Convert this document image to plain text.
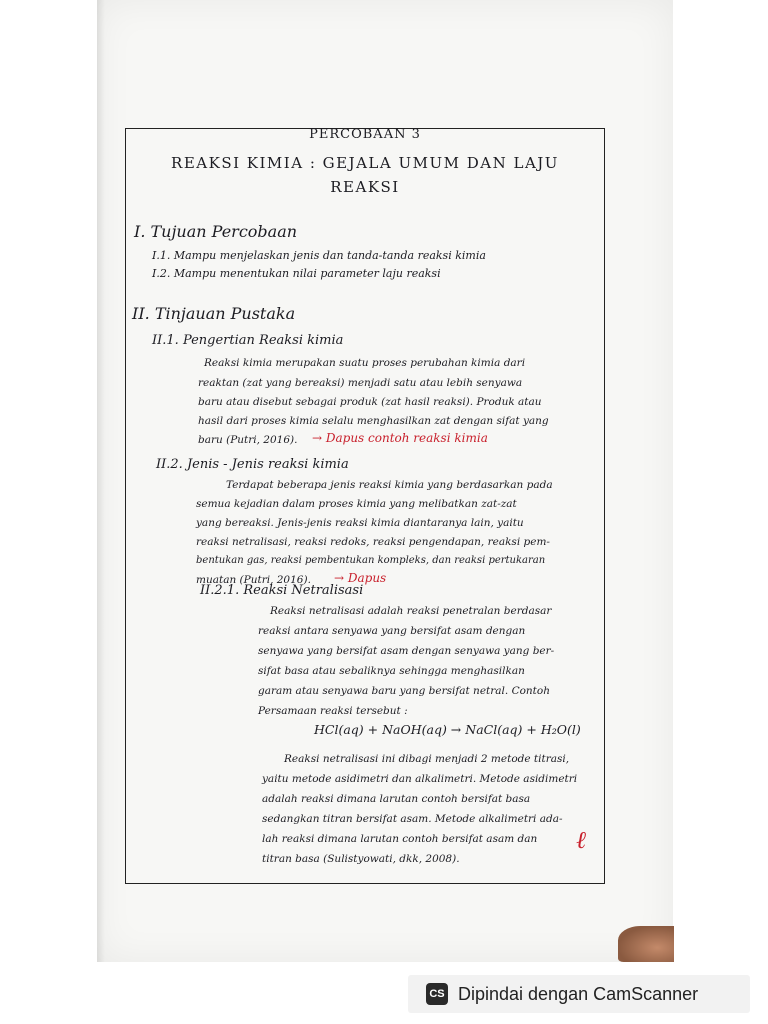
PERCOBAAN 3
REAKSI KIMIA : GEJALA UMUM DAN LAJU
REAKSI
I. Tujuan Percobaan
I.1. Mampu menjelaskan jenis dan tanda-tanda reaksi kimia
I.2. Mampu menentukan nilai parameter laju reaksi
II. Tinjauan Pustaka
II.1. Pengertian Reaksi kimia
Reaksi kimia merupakan suatu proses perubahan kimia dari
reaktan (zat yang bereaksi) menjadi satu atau lebih senyawa
baru atau disebut sebagai produk (zat hasil reaksi). Produk atau
hasil dari proses kimia selalu menghasilkan zat dengan sifat yang
baru (Putri, 2016). → Dapus contoh reaksi kimia
II.2. Jenis - Jenis reaksi kimia
Terdapat beberapa jenis reaksi kimia yang berdasarkan pada
semua kejadian dalam proses kimia yang melibatkan zat-zat
yang bereaksi. Jenis-jenis reaksi kimia diantaranya lain, yaitu
reaksi netralisasi, reaksi redoks, reaksi pengendapan, reaksi pem-
bentukan gas, reaksi pembentukan kompleks, dan reaksi pertukaran
muatan (Putri, 2016). → Dapus
II.2.1. Reaksi Netralisasi
Reaksi netralisasi adalah reaksi penetralan berdasar
reaksi antara senyawa yang bersifat asam dengan
senyawa yang bersifat asam dengan senyawa yang ber-
sifat basa atau sebaliknya sehingga menghasilkan
garam atau senyawa baru yang bersifat netral. Contoh
Persamaan reaksi tersebut :
HCl(aq) + NaOH(aq) → NaCl(aq) + H₂O(l)
Reaksi netralisasi ini dibagi menjadi 2 metode titrasi,
yaitu metode asidimetri dan alkalimetri. Metode asidimetri
adalah reaksi dimana larutan contoh bersifat basa
sedangkan titran bersifat asam. Metode alkalimetri ada-
lah reaksi dimana larutan contoh bersifat asam dan
titran basa (Sulistyowati, dkk, 2008).
ℓ
CS Dipindai dengan CamScanner
